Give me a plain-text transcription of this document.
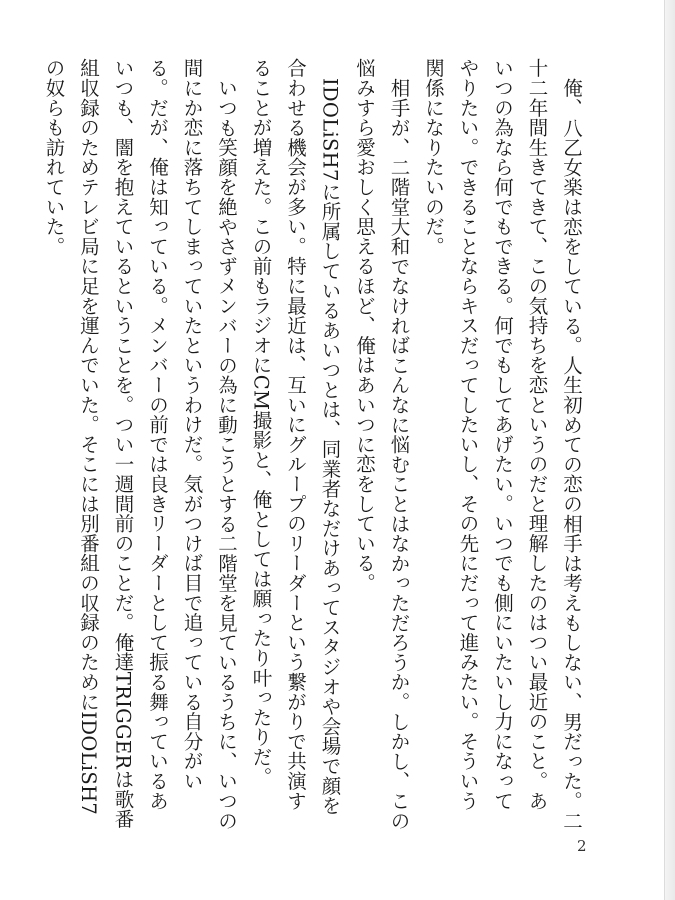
俺、八乙女楽は恋をしている。人生初めての恋の相手は考えもしない、男だった。二十二年間生きてきて、この気持ちを恋というのだと理解したのはつい最近のこと。あいつの為なら何でもできる。何でもしてあげたい。いつでも側にいたいし力になってやりたい。できることならキスだってしたいし、その先にだって進みたい。そういう関係になりたいのだ。

相手が、二階堂大和でなければこんなに悩むことはなかっただろうか。しかし、この悩みすら愛おしく思えるほど、俺はあいつに恋をしている。

IDOLiSH7に所属しているあいつとは、同業者なだけあってスタジオや会場で顔を合わせる機会が多い。特に最近は、互いにグループのリーダーという繋がりで共演することが増えた。この前もラジオにCM撮影と、俺としては願ったり叶ったりだ。

いつも笑顔を絶やさずメンバーの為に動こうとする二階堂を見ているうちに、いつの間にか恋に落ちてしまっていたというわけだ。気がつけば目で追っている自分がいる。だが、俺は知っている。メンバーの前では良きリーダーとして振る舞っているあいつも、闇を抱えているということを。つい一週間前のことだ。俺達TRIGGERは歌番組収録のためテレビ局に足を運んでいた。そこには別番組の収録のためにIDOLiSH7の奴らも訪れていた。

2
